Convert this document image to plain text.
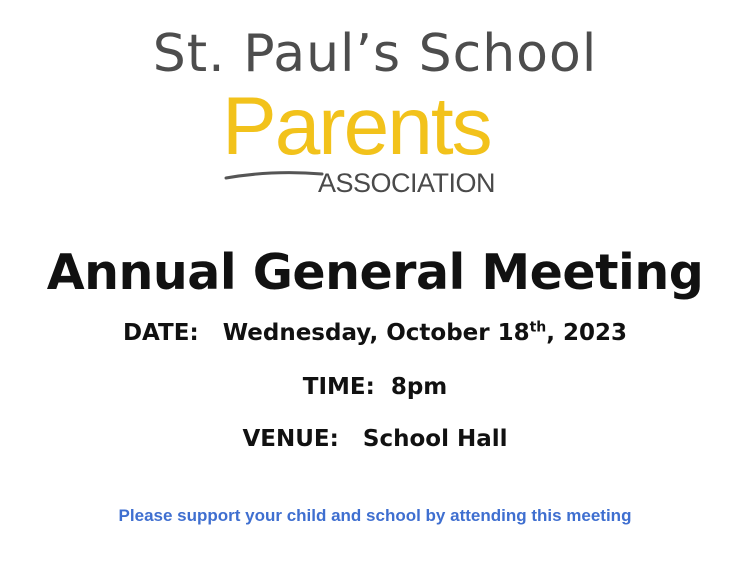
St. Paul’s School
Parents
ASSOCIATION
Annual General Meeting
DATE: Wednesday, October 18th, 2023
TIME: 8pm
VENUE: School Hall
Please support your child and school by attending this meeting
